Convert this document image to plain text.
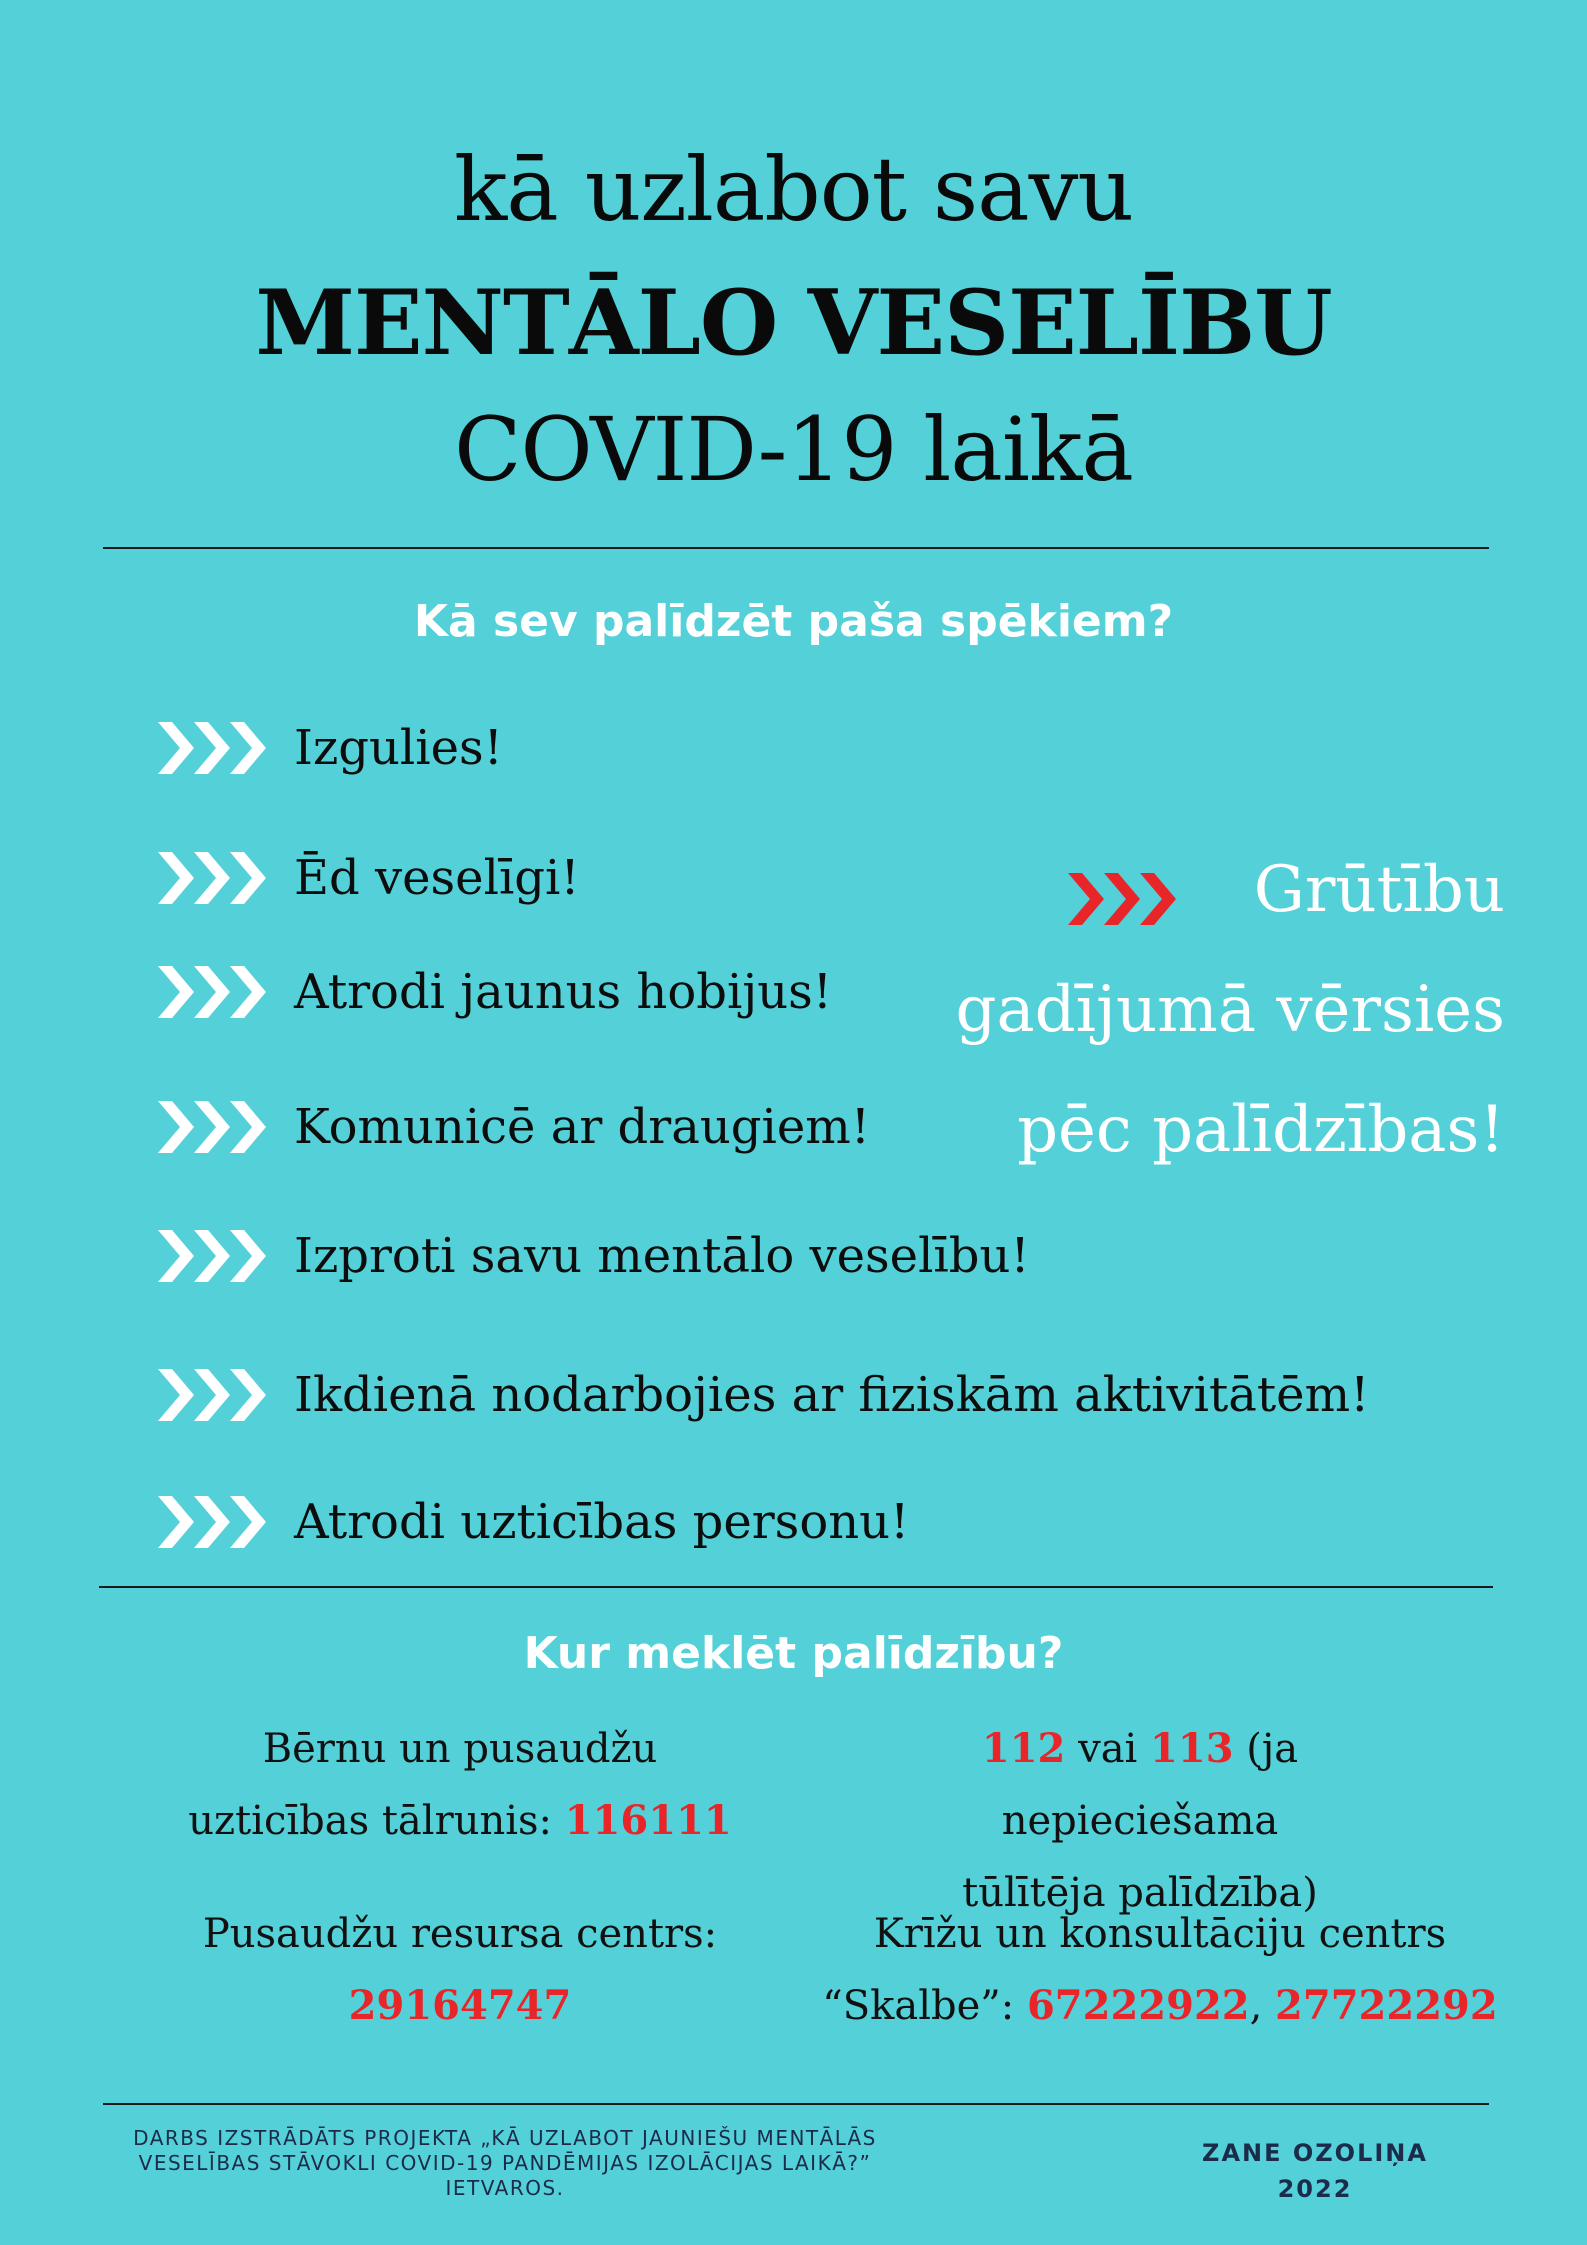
kā uzlabot savu
MENTĀLO VESELĪBU
COVID-19 laikā
Kā sev palīdzēt paša spēkiem?
Izgulies!
Ēd veselīgi!
Atrodi jaunus hobijus!
Komunicē ar draugiem!
Izproti savu mentālo veselību!
Ikdienā nodarbojies ar fiziskām aktivitātēm!
Atrodi uzticības personu!
Grūtību
gadījumā vērsies
pēc palīdzības!
Kur meklēt palīdzību?
Bērnu un pusaudžu
uzticības tālrunis: 116111
112 vai 113 (ja nepieciešama
tūlītēja palīdzība)
Pusaudžu resursa centrs:
29164747
Krīžu un konsultāciju centrs
“Skalbe”: 67222922, 27722292
DARBS IZSTRĀDĀTS PROJEKTA „KĀ UZLABOT JAUNIEŠU MENTĀLĀS
VESELĪBAS STĀVOKLI COVID-19 PANDĒMIJAS IZOLĀCIJAS LAIKĀ?”
IETVAROS.
ZANE OZOLIŅA
2022
